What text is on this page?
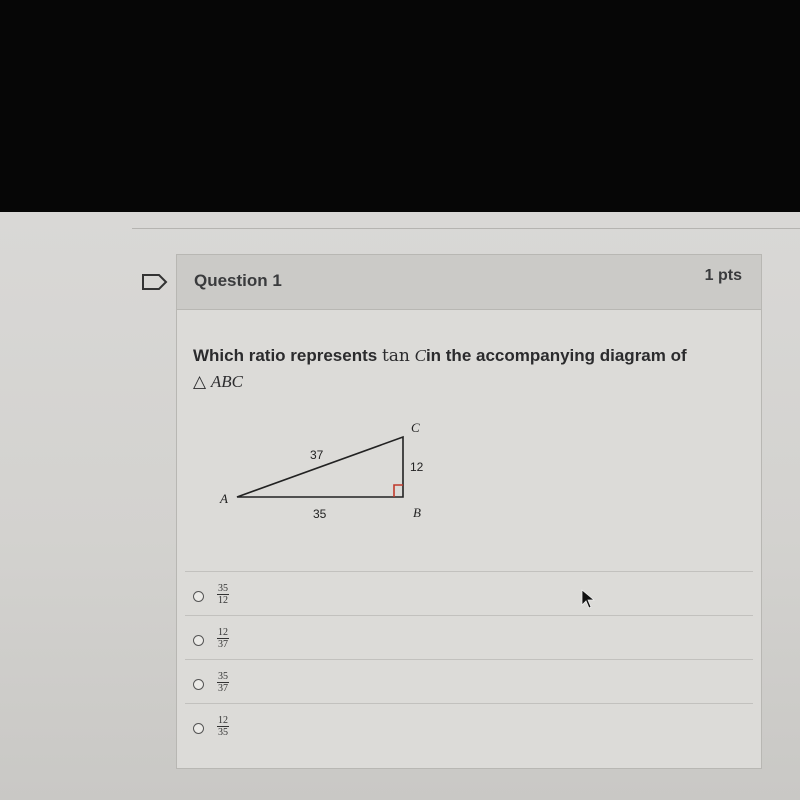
Question 1	1 pts
Which ratio represents tan Cin the accompanying diagram of
△ ABC
A
B
C
37
35
12
$\frac{35}{12}$
$\frac{12}{37}$
$\frac{35}{37}$
$\frac{12}{35}$
